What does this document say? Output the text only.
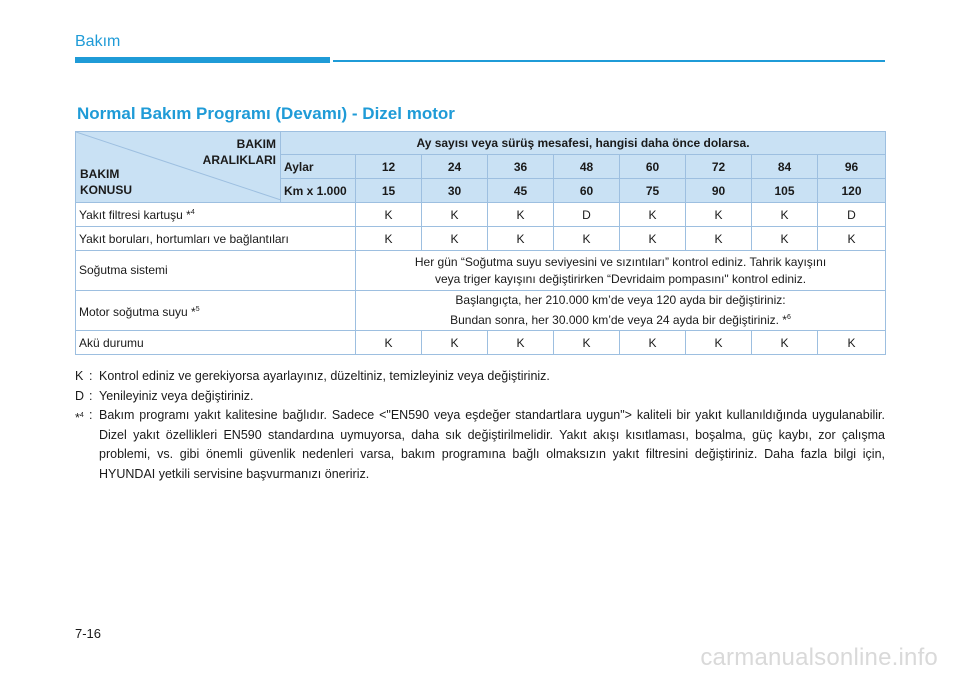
Bakım
Normal Bakım Programı (Devamı) - Dizel motor
BAKIM
ARALIKLARI
BAKIM
KONUSU	Ay sayısı veya sürüş mesafesi, hangisi daha önce dolarsa.								
	Aylar	12	24	36	48	60	72	84	96
	Km x 1.000	15	30	45	60	75	90	105	120
Yakıt filtresi kartuşu *$^4$		K	K	K	D	K	K	K	D
Yakıt boruları, hortumları ve bağlantıları		K	K	K	K	K	K	K	K
Soğutma sistemi		Her gün “Soğutma suyu seviyesini ve sızıntıları” kontrol ediniz. Tahrik kayışını
veya triger kayışını değiştirirken “Devridaim pompasını" kontrol ediniz.							

Motor soğutma suyu *$^5$		Başlangıçta, her 210.000 km’de veya 120 ayda bir değiştiriniz:
Bundan sonra, her 30.000 km’de veya 24 ayda bir değiştiriniz. *$^6$

Akü durumu		K	K	K	K	K	K	K	K
K : Kontrol ediniz ve gerekiyorsa ayarlayınız, düzeltiniz, temizleyiniz veya değiştiriniz.
D : Yenileyiniz veya değiştiriniz.
*$^4$ : Bakım programı yakıt kalitesine bağlıdır. Sadece <"EN590 veya eşdeğer standartlara uygun"> kaliteli bir yakıt kullanıldığında uygulanabilir. Dizel yakıt özellikleri EN590 standardına uymuyorsa, daha sık değiştirilmelidir. Yakıt akışı kısıtlaması, boşalma, güç kaybı, zor çalışma problemi, vs. gibi önemli güvenlik nedenleri varsa, bakım programına bağlı olmaksızın yakıt filtresini değiştiriniz. Daha fazla bilgi için, HYUNDAI yetkili servisine başvurmanızı öneririz.
7-16
carmanualsonline.info
